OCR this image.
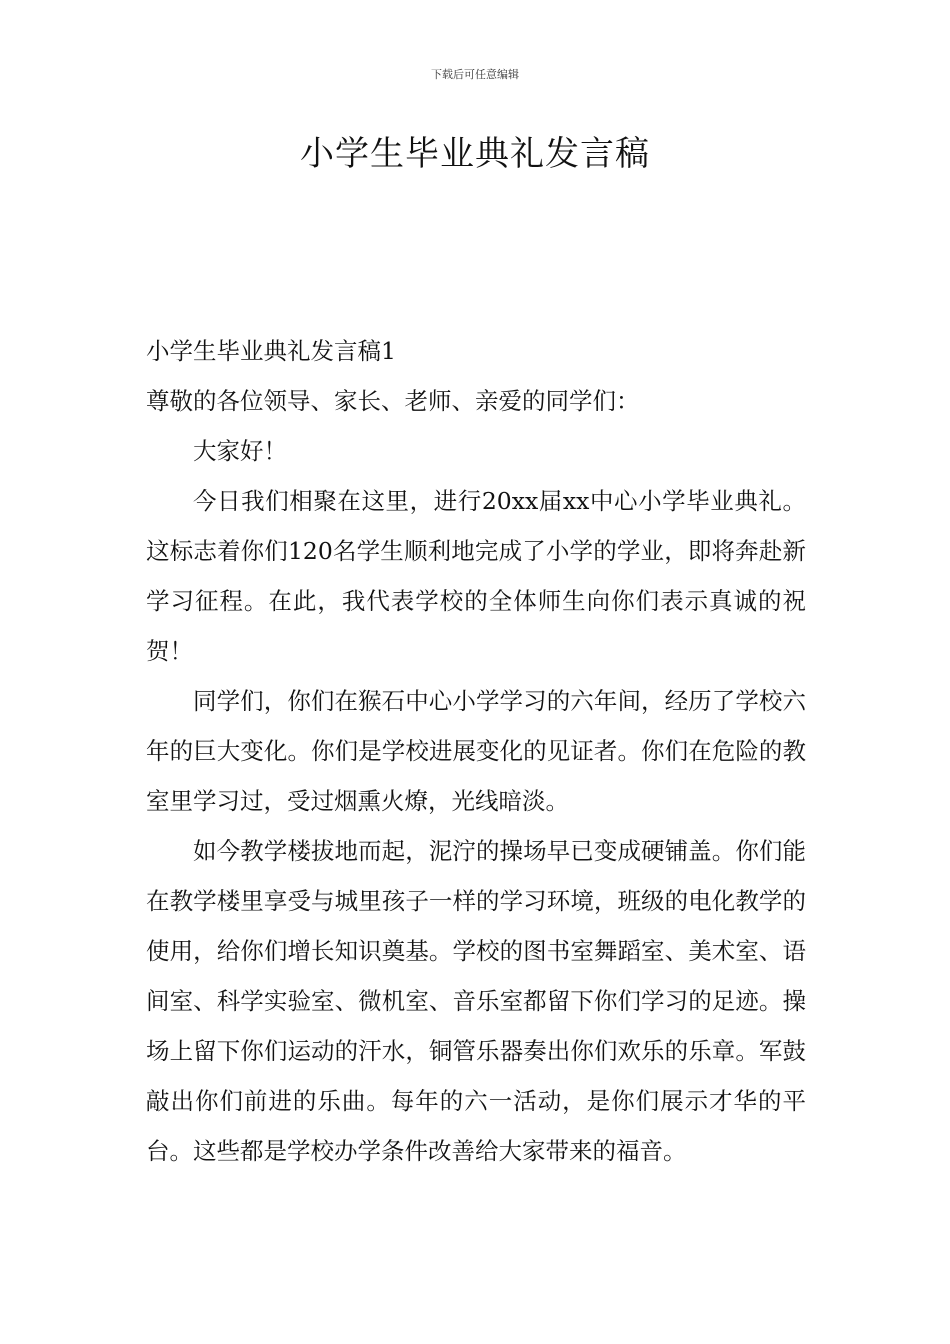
下载后可任意编辑
小学生毕业典礼发言稿

小学生毕业典礼发言稿1

尊敬的各位领导、家长、老师、亲爱的同学们：

大家好！

今日我们相聚在这里，进行20xx届xx中心小学毕业典礼。这标志着你们120名学生顺利地完成了小学的学业，即将奔赴新学习征程。在此，我代表学校的全体师生向你们表示真诚的祝贺！

同学们，你们在猴石中心小学学习的六年间，经历了学校六年的巨大变化。你们是学校进展变化的见证者。你们在危险的教室里学习过，受过烟熏火燎，光线暗淡。

如今教学楼拔地而起，泥泞的操场早已变成硬铺盖。你们能在教学楼里享受与城里孩子一样的学习环境，班级的电化教学的使用，给你们增长知识奠基。学校的图书室舞蹈室、美术室、语间室、科学实验室、微机室、音乐室都留下你们学习的足迹。操场上留下你们运动的汗水，铜管乐器奏出你们欢乐的乐章。军鼓敲出你们前进的乐曲。每年的六一活动，是你们展示才华的平台。这些都是学校办学条件改善给大家带来的福音。
